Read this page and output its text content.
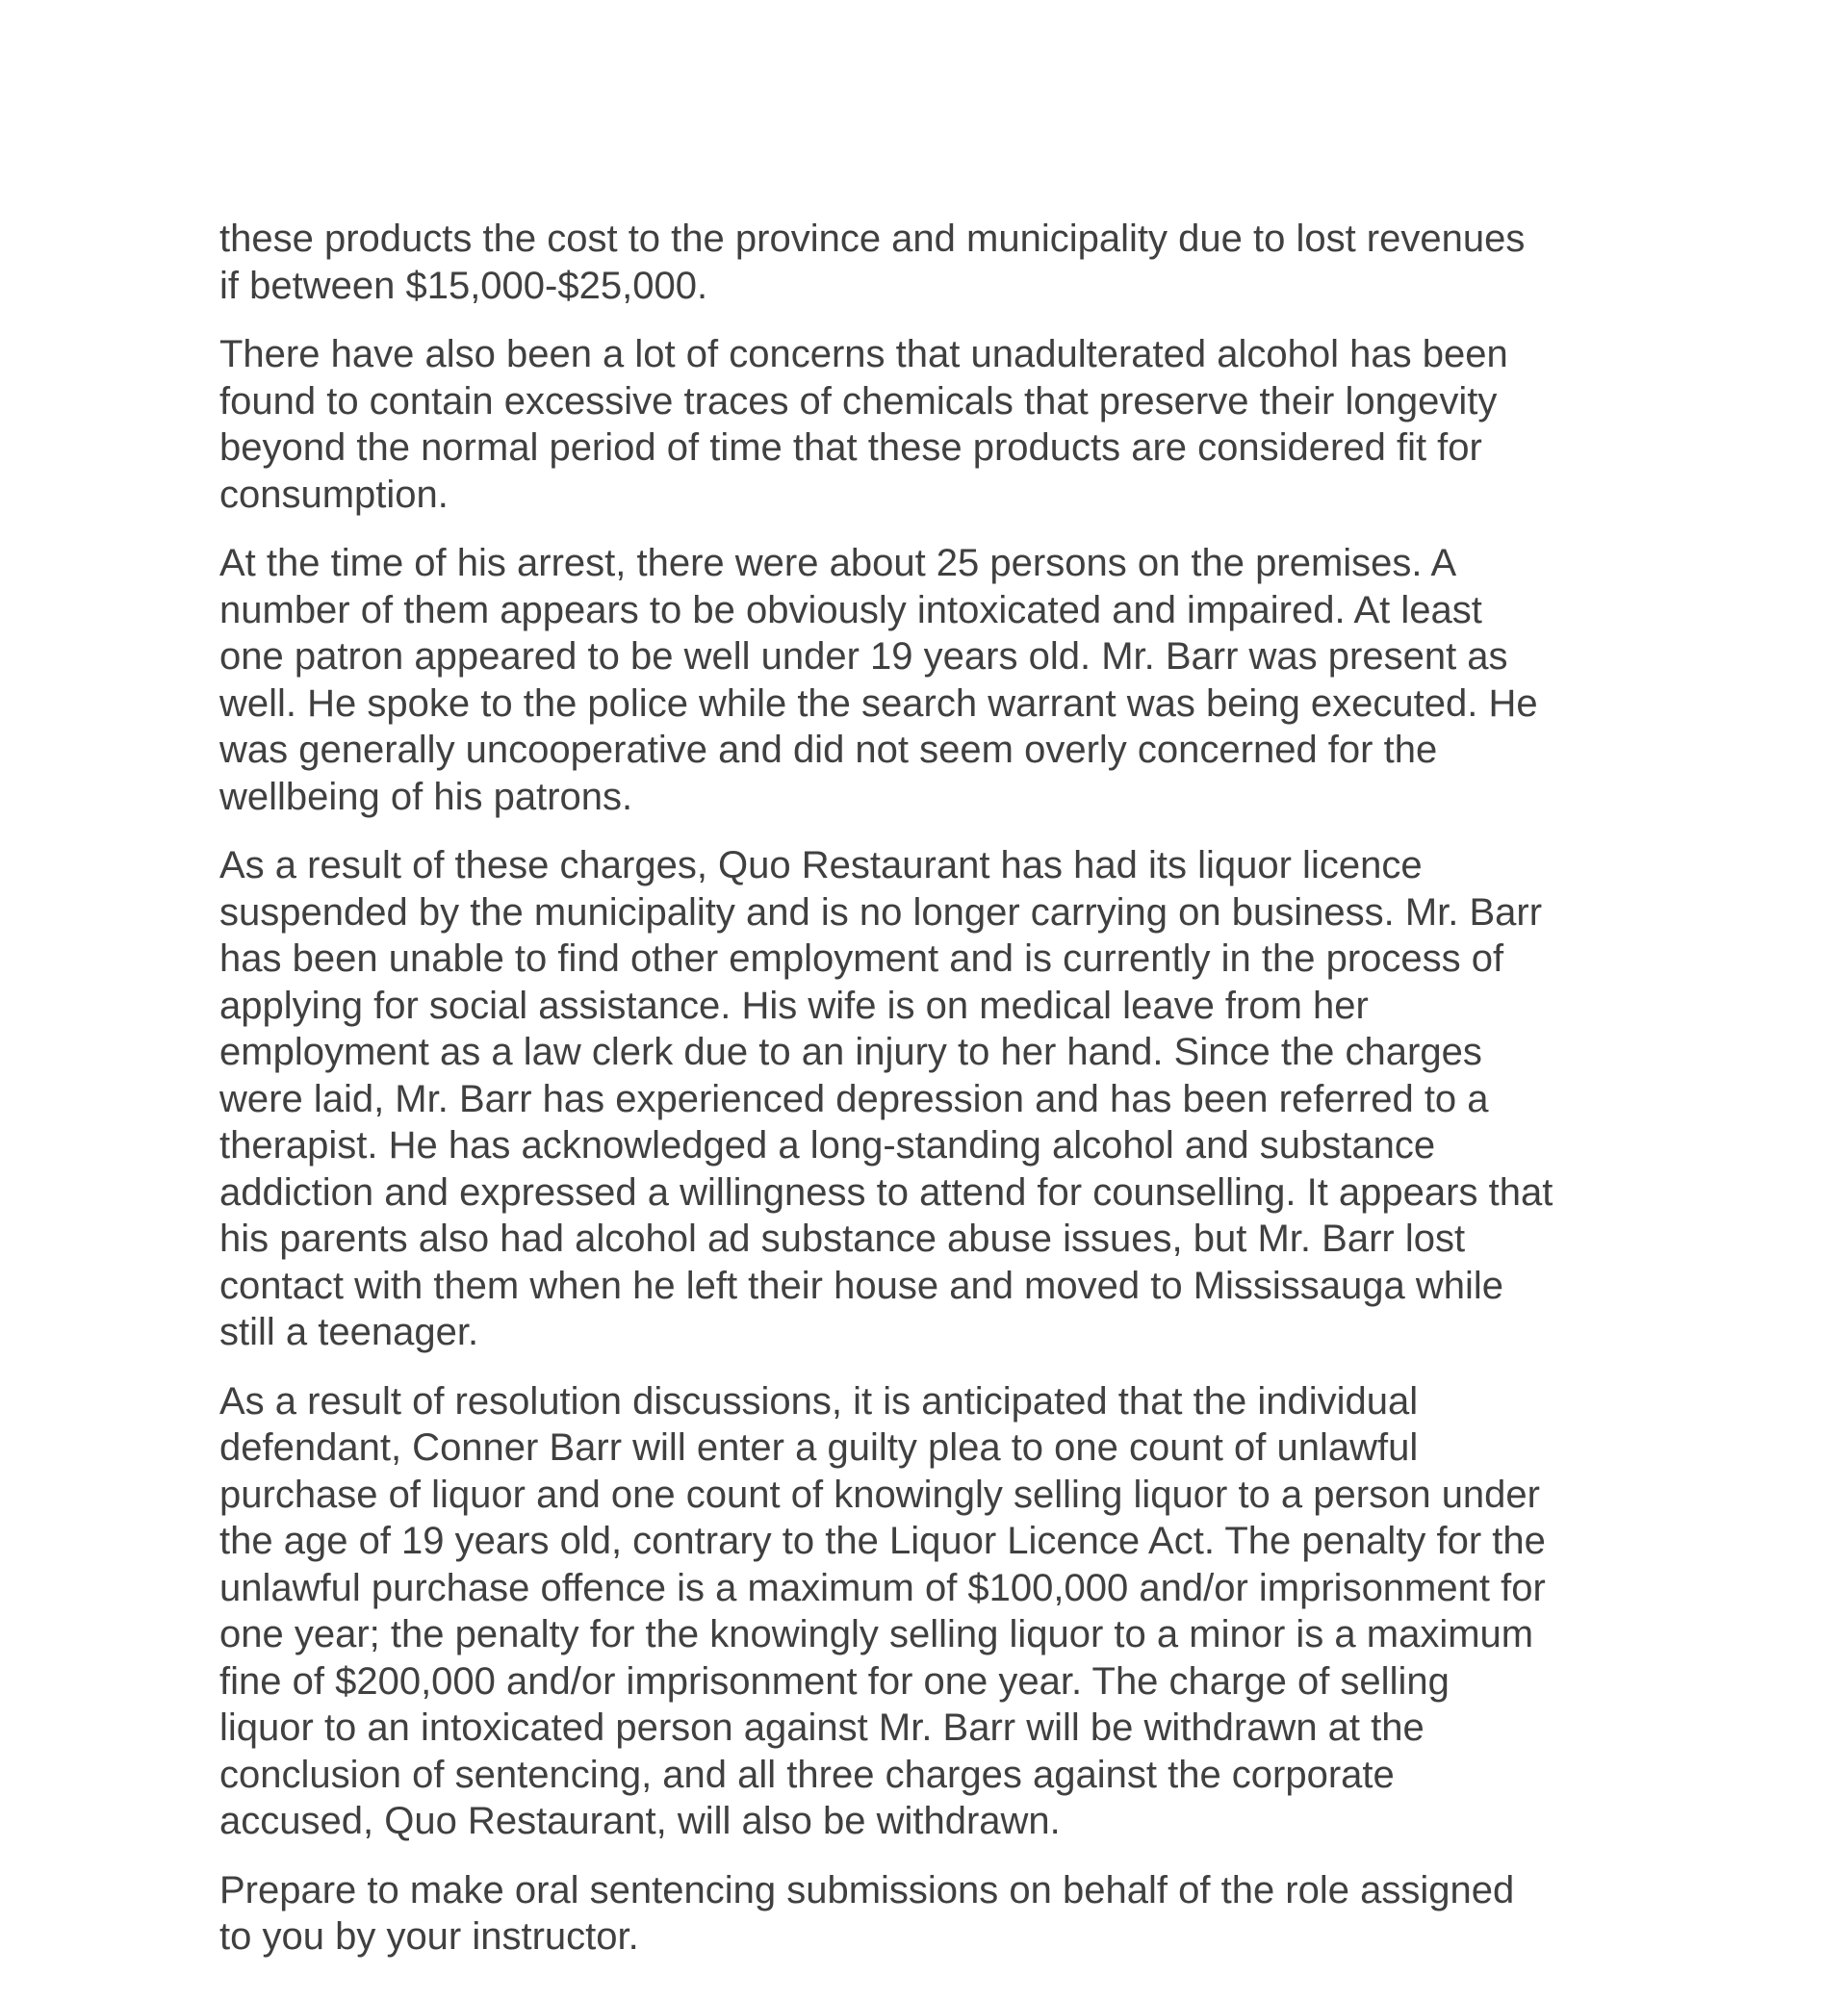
these products the cost to the province and municipality due to lost revenues
if between $15,000-$25,000.

There have also been a lot of concerns that unadulterated alcohol has been
found to contain excessive traces of chemicals that preserve their longevity
beyond the normal period of time that these products are considered fit for
consumption.

At the time of his arrest, there were about 25 persons on the premises. A
number of them appears to be obviously intoxicated and impaired. At least
one patron appeared to be well under 19 years old. Mr. Barr was present as
well. He spoke to the police while the search warrant was being executed. He
was generally uncooperative and did not seem overly concerned for the
wellbeing of his patrons.

As a result of these charges, Quo Restaurant has had its liquor licence
suspended by the municipality and is no longer carrying on business. Mr. Barr
has been unable to find other employment and is currently in the process of
applying for social assistance. His wife is on medical leave from her
employment as a law clerk due to an injury to her hand. Since the charges
were laid, Mr. Barr has experienced depression and has been referred to a
therapist. He has acknowledged a long-standing alcohol and substance
addiction and expressed a willingness to attend for counselling. It appears that
his parents also had alcohol ad substance abuse issues, but Mr. Barr lost
contact with them when he left their house and moved to Mississauga while
still a teenager.

As a result of resolution discussions, it is anticipated that the individual
defendant, Conner Barr will enter a guilty plea to one count of unlawful
purchase of liquor and one count of knowingly selling liquor to a person under
the age of 19 years old, contrary to the Liquor Licence Act. The penalty for the
unlawful purchase offence is a maximum of $100,000 and/or imprisonment for
one year; the penalty for the knowingly selling liquor to a minor is a maximum
fine of $200,000 and/or imprisonment for one year. The charge of selling
liquor to an intoxicated person against Mr. Barr will be withdrawn at the
conclusion of sentencing, and all three charges against the corporate
accused, Quo Restaurant, will also be withdrawn.

Prepare to make oral sentencing submissions on behalf of the role assigned
to you by your instructor.
